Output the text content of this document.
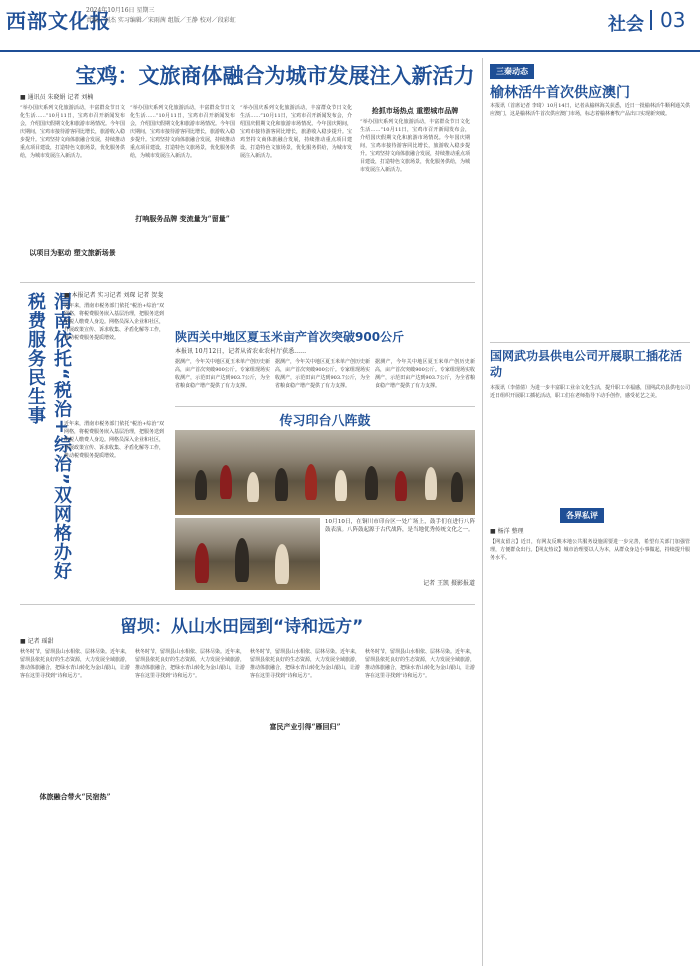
西部文化报
2024年10月16日 星期三
责编／刘杰 实习编辑／宋雨茜 组版／王静 校对／段彩虹	社会 03
宝鸡：文旅商体融合为城市发展注入新活力
■ 通讯员 朱晓娟 记者 刘楠
“举办国庆系列文化旅游活动，丰富群众节日文化生活……”10月11日，宝鸡市召开新闻发布会，介绍国庆假期文化和旅游市场情况。今年国庆期间，宝鸡市接待游客同比增长，旅游收入稳步提升。宝鸡坚持文商体旅融合发展，持续推动重点项目建设，打造特色文旅场景，优化服务供给，为城市发展注入新活力。
“举办国庆系列文化旅游活动，丰富群众节日文化生活……”10月11日，宝鸡市召开新闻发布会，介绍国庆假期文化和旅游市场情况。今年国庆期间，宝鸡市接待游客同比增长，旅游收入稳步提升。宝鸡坚持文商体旅融合发展，持续推动重点项目建设，打造特色文旅场景，优化服务供给，为城市发展注入新活力。
以项目为驱动 塑文旅新场景
打响服务品牌 变流量为“留量”
“举办国庆系列文化旅游活动，丰富群众节日文化生活……”10月11日，宝鸡市召开新闻发布会，介绍国庆假期文化和旅游市场情况。今年国庆期间，宝鸡市接待游客同比增长，旅游收入稳步提升。宝鸡坚持文商体旅融合发展，持续推动重点项目建设，打造特色文旅场景，优化服务供给，为城市发展注入新活力。
抢抓市场热点 重塑城市品牌
“举办国庆系列文化旅游活动，丰富群众节日文化生活……”10月11日，宝鸡市召开新闻发布会，介绍国庆假期文化和旅游市场情况。今年国庆期间，宝鸡市接待游客同比增长，旅游收入稳步提升。宝鸡坚持文商体旅融合发展，持续推动重点项目建设，打造特色文旅场景，优化服务供给，为城市发展注入新活力。
渭南依托“税治+综治”双网格办好税费服务民生事	■ 本报记者 实习记者 刘琛 记者 贺斐
近年来，渭南市税务部门依托“税治+综治”双网格，将税费服务嵌入基层治理，把服务送到纳税人缴费人身边。网格员深入企业和社区，开展政策宣传、诉求收集、矛盾化解等工作，推动税费服务提质增效。
近年来，渭南市税务部门依托“税治+综治”双网格，将税费服务嵌入基层治理，把服务送到纳税人缴费人身边。网格员深入企业和社区，开展政策宣传、诉求收集、矛盾化解等工作，推动税费服务提质增效。
陕西关中地区夏玉米亩产首次突破900公斤
本报讯 10月12日，记者从省农业农村厅获悉……
据测产，今年关中地区夏玉米单产创历史新高，亩产首次突破900公斤。专家组现场实收测产，示范田亩产达到903.7公斤，为全省粮食稳产增产提供了有力支撑。
据测产，今年关中地区夏玉米单产创历史新高，亩产首次突破900公斤。专家组现场实收测产，示范田亩产达到903.7公斤，为全省粮食稳产增产提供了有力支撑。
据测产，今年关中地区夏玉米单产创历史新高，亩产首次突破900公斤。专家组现场实收测产，示范田亩产达到903.7公斤，为全省粮食稳产增产提供了有力支撑。
传习印台八阵鼓
10月10日，在铜川市印台区一处广场上，鼓手们在进行八阵鼓表演。八阵鼓起源于古代战阵，是当地优秀传统文化之一。
记者 王凯 摄影报道
留坝：从山水田园到“诗和远方”
■ 记者 瑶甜
秋冬时节，留坝县山水相依、层林尽染。近年来，留坝县依托良好的生态资源，大力发展全域旅游，推动体旅融合，把绿水青山转化为金山银山，让游客在这里寻找到“诗和远方”。
体旅融合带火“民宿热”
秋冬时节，留坝县山水相依、层林尽染。近年来，留坝县依托良好的生态资源，大力发展全域旅游，推动体旅融合，把绿水青山转化为金山银山，让游客在这里寻找到“诗和远方”。
富民产业引得“雁回归”
秋冬时节，留坝县山水相依、层林尽染。近年来，留坝县依托良好的生态资源，大力发展全域旅游，推动体旅融合，把绿水青山转化为金山银山，让游客在这里寻找到“诗和远方”。
秋冬时节，留坝县山水相依、层林尽染。近年来，留坝县依托良好的生态资源，大力发展全域旅游，推动体旅融合，把绿水青山转化为金山银山，让游客在这里寻找到“诗和远方”。
三秦动态
榆林活牛首次供应澳门
本报讯（首席记者 李琦）10月14日，记者从榆林海关获悉，近日一批榆林活牛顺利通关供应澳门，这是榆林活牛首次供应澳门市场，标志着榆林畜牧产品出口实现新突破。
国网武功县供电公司开展职工插花活动
本报讯（李倩倩）为进一步丰富职工业余文化生活，提升职工幸福感，国网武功县供电公司近日组织开展职工插花活动，职工们在老师指导下动手创作，感受花艺之美。
各界私评
■ 杨洋 整理
【网友留言】近日，有网友反映本地公共服务设施需要进一步完善，希望有关部门加强管理，方便群众出行。【网友热议】城市治理要以人为本，从群众身边小事做起，持续提升服务水平。
